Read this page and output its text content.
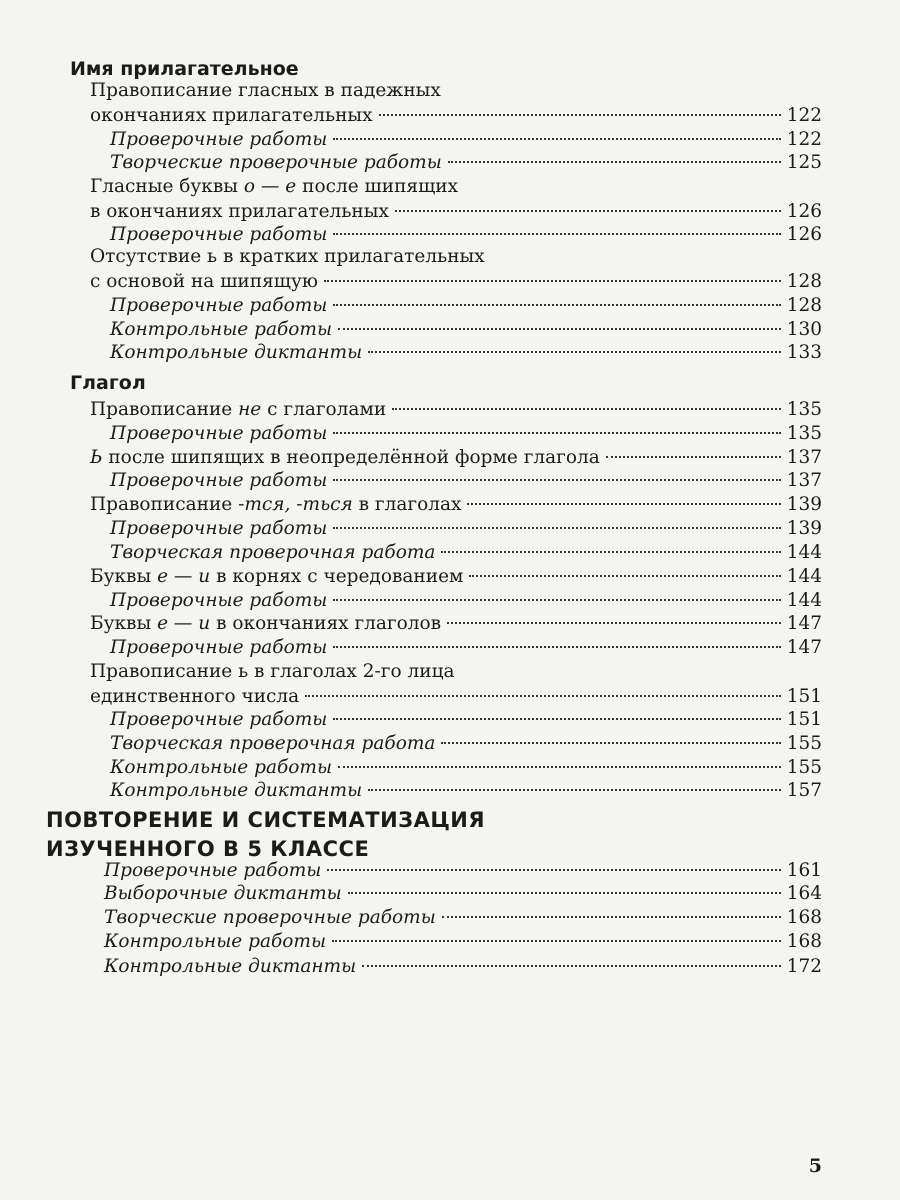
Имя прилагательное
Правописание гласных в падежных
окончаниях прилагательных	122
Проверочные работы	122
Творческие проверочные работы	125
Гласные буквы о — е после шипящих
в окончаниях прилагательных	126
Проверочные работы	126
Отсутствие ь в кратких прилагательных
с основой на шипящую	128
Проверочные работы	128
Контрольные работы	130
Контрольные диктанты	133
Глагол
Правописание не с глаголами	135
Проверочные работы	135
Ь после шипящих в неопределённой форме глагола	137
Проверочные работы	137
Правописание -тся, -ться в глаголах	139
Проверочные работы	139
Творческая проверочная работа	144
Буквы е — и в корнях с чередованием	144
Проверочные работы	144
Буквы е — и в окончаниях глаголов	147
Проверочные работы	147
Правописание ь в глаголах 2-го лица
единственного числа	151
Проверочные работы	151
Творческая проверочная работа	155
Контрольные работы	155
Контрольные диктанты	157
ПОВТОРЕНИЕ И СИСТЕМАТИЗАЦИЯ
ИЗУЧЕННОГО В 5 КЛАССЕ
Проверочные работы	161
Выборочные диктанты	164
Творческие проверочные работы	168
Контрольные работы	168
Контрольные диктанты	172
5
